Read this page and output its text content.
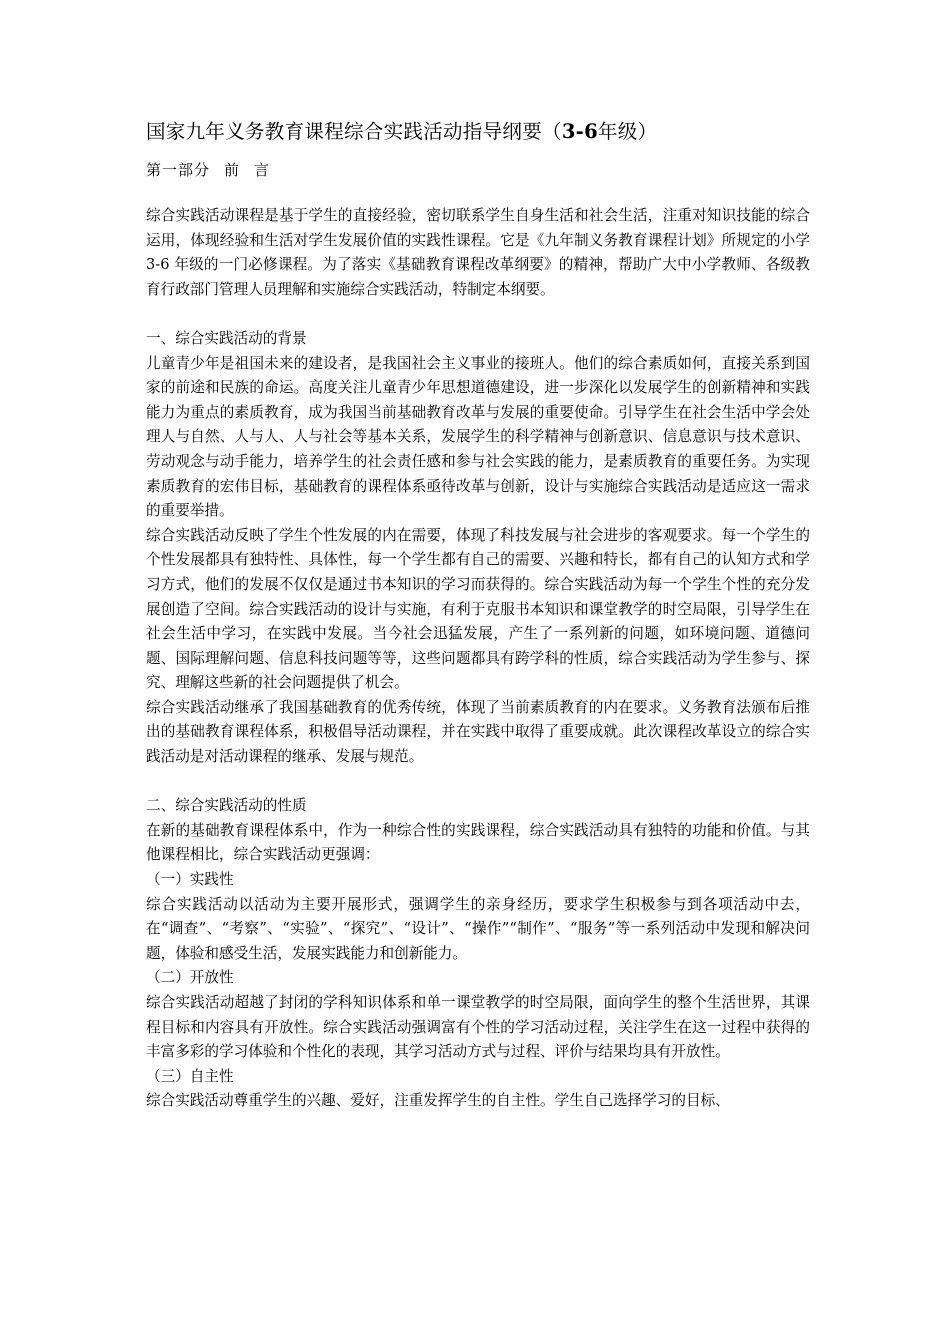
国家九年义务教育课程综合实践活动指导纲要（3-6年级）
第一部分 前 言

综合实践活动课程是基于学生的直接经验，密切联系学生自身生活和社会生活，注重对知识技能的综合运用，体现经验和生活对学生发展价值的实践性课程。它是《九年制义务教育课程计划》所规定的小学 3-6 年级的一门必修课程。为了落实《基础教育课程改革纲要》的精神，帮助广大中小学教师、各级教育行政部门管理人员理解和实施综合实践活动，特制定本纲要。

一、综合实践活动的背景

儿童青少年是祖国未来的建设者，是我国社会主义事业的接班人。他们的综合素质如何，直接关系到国家的前途和民族的命运。高度关注儿童青少年思想道德建设，进一步深化以发展学生的创新精神和实践能力为重点的素质教育，成为我国当前基础教育改革与发展的重要使命。引导学生在社会生活中学会处理人与自然、人与人、人与社会等基本关系，发展学生的科学精神与创新意识、信息意识与技术意识、劳动观念与动手能力，培养学生的社会责任感和参与社会实践的能力，是素质教育的重要任务。为实现素质教育的宏伟目标，基础教育的课程体系亟待改革与创新，设计与实施综合实践活动是适应这一需求的重要举措。

综合实践活动反映了学生个性发展的内在需要，体现了科技发展与社会进步的客观要求。每一个学生的个性发展都具有独特性、具体性，每一个学生都有自己的需要、兴趣和特长，都有自己的认知方式和学习方式，他们的发展不仅仅是通过书本知识的学习而获得的。综合实践活动为每一个学生个性的充分发展创造了空间。综合实践活动的设计与实施，有利于克服书本知识和课堂教学的时空局限，引导学生在社会生活中学习，在实践中发展。当今社会迅猛发展，产生了一系列新的问题，如环境问题、道德问题、国际理解问题、信息科技问题等等，这些问题都具有跨学科的性质，综合实践活动为学生参与、探究、理解这些新的社会问题提供了机会。

综合实践活动继承了我国基础教育的优秀传统，体现了当前素质教育的内在要求。义务教育法颁布后推出的基础教育课程体系，积极倡导活动课程，并在实践中取得了重要成就。此次课程改革设立的综合实践活动是对活动课程的继承、发展与规范。

二、综合实践活动的性质

在新的基础教育课程体系中，作为一种综合性的实践课程，综合实践活动具有独特的功能和价值。与其他课程相比，综合实践活动更强调：

（一）实践性

综合实践活动以活动为主要开展形式，强调学生的亲身经历，要求学生积极参与到各项活动中去，在“调查”、“考察”、“实验”、“探究”、“设计”、“操作”“制作”、“服务”等一系列活动中发现和解决问题，体验和感受生活，发展实践能力和创新能力。

（二）开放性

综合实践活动超越了封闭的学科知识体系和单一课堂教学的时空局限，面向学生的整个生活世界，其课程目标和内容具有开放性。综合实践活动强调富有个性的学习活动过程，关注学生在这一过程中获得的丰富多彩的学习体验和个性化的表现，其学习活动方式与过程、评价与结果均具有开放性。

（三）自主性

综合实践活动尊重学生的兴趣、爱好，注重发挥学生的自主性。学生自己选择学习的目标、
